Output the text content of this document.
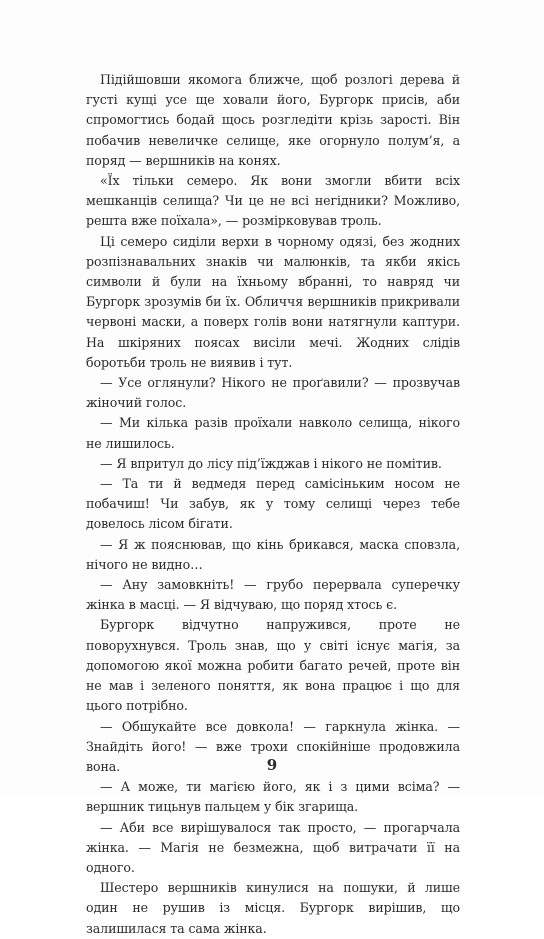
Підійшовши якомога ближче, щоб розлогі дерева й густі кущі усе ще ховали його, Бургорк присів, аби спромогтись бодай щось розгледіти крізь зарості. Він побачив невеличке селище, яке огорнуло полум’я, а поряд — вершників на конях.

«Їх тільки семеро. Як вони змогли вбити всіх мешканців селища? Чи це не всі негідники? Можливо, решта вже поїхала», — розмірковував троль.

Ці семеро сиділи верхи в чорному одязі, без жодних розпізнавальних знаків чи малюнків, та якби якісь символи й були на їхньому вбранні, то навряд чи Бургорк зрозумів би їх. Обличчя вершників прикривали червоні маски, а поверх голів вони натягнули каптури. На шкіряних поясах висіли мечі. Жодних слідів боротьби троль не виявив і тут.

— Усе оглянули? Нікого не проґавили? — прозвучав жіночий голос.

— Ми кілька разів проїхали навколо селища, нікого не лишилось.

— Я впритул до лісу під’їжджав і нікого не помітив.

— Та ти й ведмедя перед самісіньким носом не побачиш! Чи забув, як у тому селищі через тебе довелось лісом бігати.

— Я ж пояснював, що кінь брикався, маска сповзла, нічого не видно…

— Ану замовкніть! — грубо перервала суперечку жінка в масці. — Я відчуваю, що поряд хтось є.

Бургорк відчутно напружився, проте не поворухнувся. Троль знав, що у світі існує магія, за допомогою якої можна робити багато речей, проте він не мав і зеленого поняття, як вона працює і що для цього потрібно.

— Обшукайте все довкола! — гаркнула жінка. — Знайдіть його! — вже трохи спокійніше продовжила вона.

— А може, ти магією його, як і з цими всіма? — вершник тицьнув пальцем у бік згарища.

— Аби все вирішувалося так просто, — прогарчала жінка. — Магія не безмежна, щоб витрачати її на одного.

Шестеро вершників кинулися на пошуки, й лише один не рушив із місця. Бургорк вирішив, що залишилася та сама жінка.

9
